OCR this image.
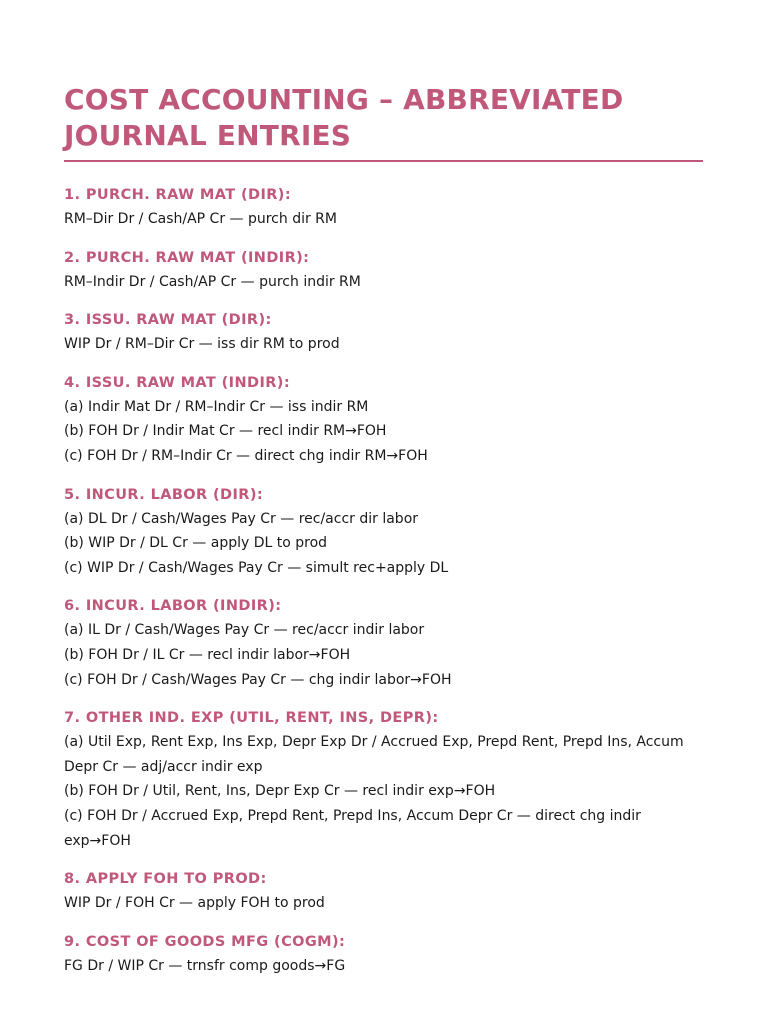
COST ACCOUNTING – ABBREVIATED
JOURNAL ENTRIES
1. PURCH. RAW MAT (DIR):
RM–Dir Dr / Cash/AP Cr — purch dir RM
2. PURCH. RAW MAT (INDIR):
RM–Indir Dr / Cash/AP Cr — purch indir RM
3. ISSU. RAW MAT (DIR):
WIP Dr / RM–Dir Cr — iss dir RM to prod
4. ISSU. RAW MAT (INDIR):
(a) Indir Mat Dr / RM–Indir Cr — iss indir RM
(b) FOH Dr / Indir Mat Cr — recl indir RM→FOH
(c) FOH Dr / RM–Indir Cr — direct chg indir RM→FOH
5. INCUR. LABOR (DIR):
(a) DL Dr / Cash/Wages Pay Cr — rec/accr dir labor
(b) WIP Dr / DL Cr — apply DL to prod
(c) WIP Dr / Cash/Wages Pay Cr — simult rec+apply DL
6. INCUR. LABOR (INDIR):
(a) IL Dr / Cash/Wages Pay Cr — rec/accr indir labor
(b) FOH Dr / IL Cr — recl indir labor→FOH
(c) FOH Dr / Cash/Wages Pay Cr — chg indir labor→FOH
7. OTHER IND. EXP (UTIL, RENT, INS, DEPR):
(a) Util Exp, Rent Exp, Ins Exp, Depr Exp Dr / Accrued Exp, Prepd Rent, Prepd Ins, Accum Depr Cr — adj/accr indir exp
(b) FOH Dr / Util, Rent, Ins, Depr Exp Cr — recl indir exp→FOH
(c) FOH Dr / Accrued Exp, Prepd Rent, Prepd Ins, Accum Depr Cr — direct chg indir exp→FOH
8. APPLY FOH TO PROD:
WIP Dr / FOH Cr — apply FOH to prod
9. COST OF GOODS MFG (COGM):
FG Dr / WIP Cr — trnsfr comp goods→FG
